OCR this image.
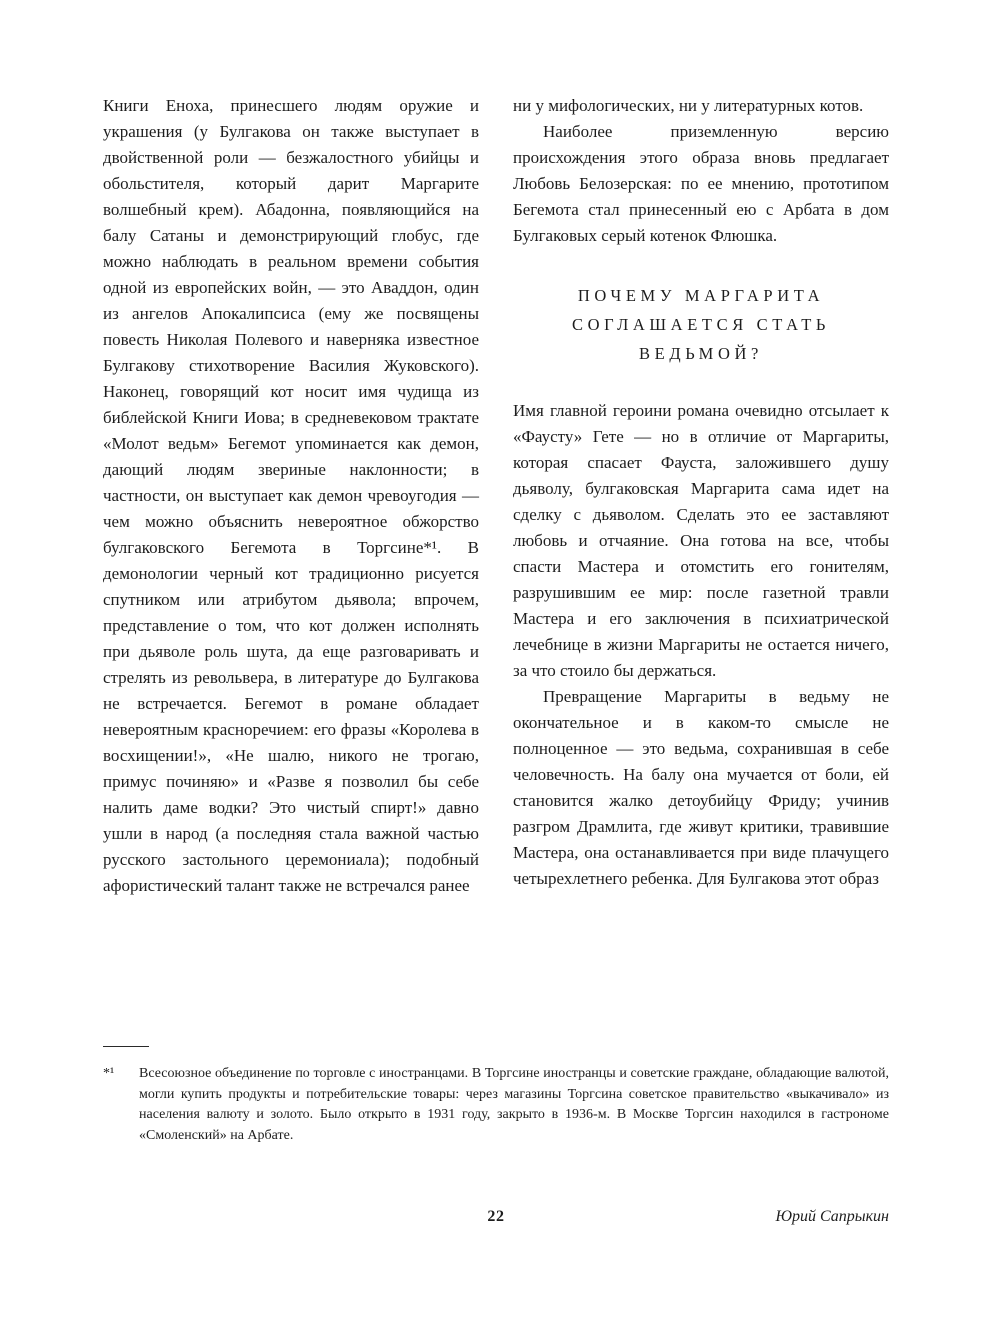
Книги Еноха, принесшего людям оружие и украшения (у Булгакова он также выступает в двойственной роли — безжалостного убийцы и обольстителя, который дарит Маргарите волшебный крем). Абадонна, появляющийся на балу Сатаны и демонстрирующий глобус, где можно наблюдать в реальном времени события одной из европейских войн, — это Аваддон, один из ангелов Апокалипсиса (ему же посвящены повесть Николая Полевого и наверняка известное Булгакову стихотворение Василия Жуковского). Наконец, говорящий кот носит имя чудища из библейской Книги Иова; в средневековом трактате «Молот ведьм» Бегемот упоминается как демон, дающий людям звериные наклонности; в частности, он выступает как демон чревоугодия — чем можно объяснить невероятное обжорство булгаковского Бегемота в Торгсине*¹. В демонологии черный кот традиционно рисуется спутником или атрибутом дьявола; впрочем, представление о том, что кот должен исполнять при дьяволе роль шута, да еще разговаривать и стрелять из револьвера, в литературе до Булгакова не встречается. Бегемот в романе обладает невероятным красноречием: его фразы «Королева в восхищении!», «Не шалю, никого не трогаю, примус починяю» и «Разве я позволил бы себе налить даме водки? Это чистый спирт!» давно ушли в народ (а последняя стала важной частью русского застольного церемониала); подобный афористический талант также не встречался ранее

ни у мифологических, ни у литературных котов.

Наиболее приземленную версию происхождения этого образа вновь предлагает Любовь Белозерская: по ее мнению, прототипом Бегемота стал принесенный ею с Арбата в дом Булгаковых серый котенок Флюшка.

ПОЧЕМУ МАРГАРИТА
СОГЛАШАЕТСЯ СТАТЬ
ВЕДЬМОЙ?

Имя главной героини романа очевидно отсылает к «Фаусту» Гете — но в отличие от Маргариты, которая спасает Фауста, заложившего душу дьяволу, булгаковская Маргарита сама идет на сделку с дьяволом. Сделать это ее заставляют любовь и отчаяние. Она готова на все, чтобы спасти Мастера и отомстить его гонителям, разрушившим ее мир: после газетной травли Мастера и его заключения в психиатрической лечебнице в жизни Маргариты не остается ничего, за что стоило бы держаться.

Превращение Маргариты в ведьму не окончательное и в каком-то смысле не полноценное — это ведьма, сохранившая в себе человечность. На балу она мучается от боли, ей становится жалко детоубийцу Фриду; учинив разгром Драмлита, где живут критики, травившие Мастера, она останавливается при виде плачущего четырехлетнего ребенка. Для Булгакова этот образ

*¹	Всесоюзное объединение по торговле с иностранцами. В Торгсине иностранцы и советские граждане, обладающие валютой, могли купить продукты и потребительские товары: через магазины Торгсина советское правительство «выкачивало» из населения валюту и золото. Было открыто в 1931 году, закрыто в 1936-м. В Москве Торгсин находился в гастрономе «Смоленский» на Арбате.
22	Юрий Сапрыкин
